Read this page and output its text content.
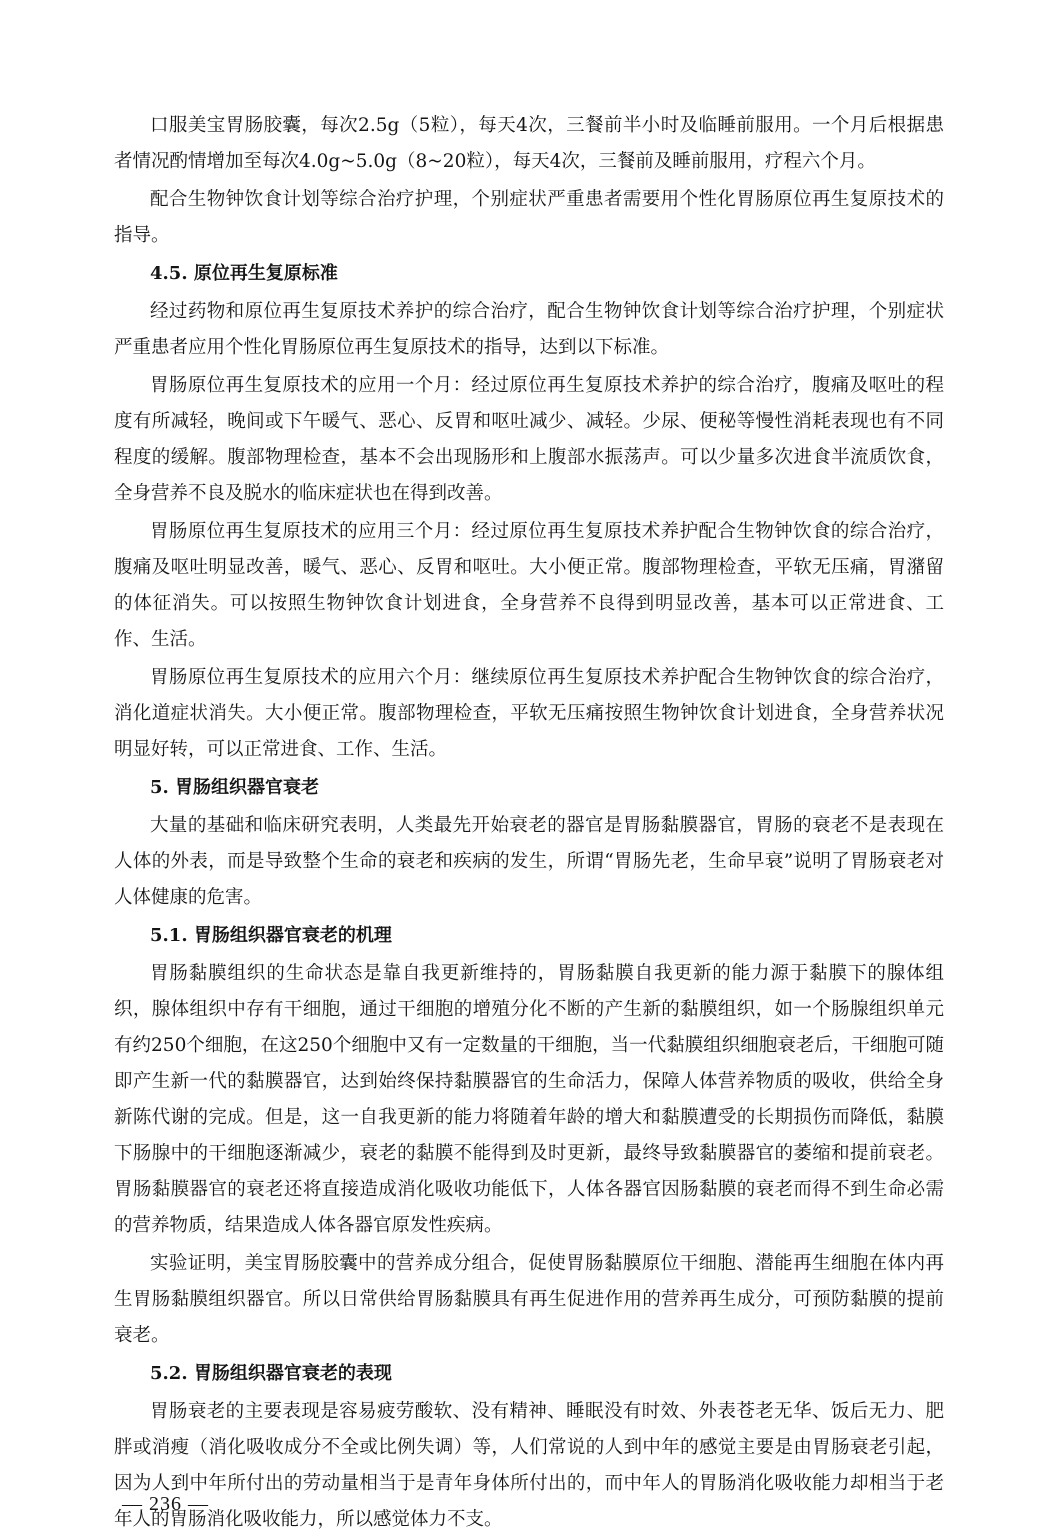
口服美宝胃肠胶囊，每次2.5g（5粒），每天4次，三餐前半小时及临睡前服用。一个月后根据患者情况酌情增加至每次4.0g~5.0g（8~20粒），每天4次，三餐前及睡前服用，疗程六个月。

配合生物钟饮食计划等综合治疗护理，个别症状严重患者需要用个性化胃肠原位再生复原技术的指导。

4.5. 原位再生复原标准

经过药物和原位再生复原技术养护的综合治疗，配合生物钟饮食计划等综合治疗护理，个别症状严重患者应用个性化胃肠原位再生复原技术的指导，达到以下标准。

胃肠原位再生复原技术的应用一个月：经过原位再生复原技术养护的综合治疗，腹痛及呕吐的程度有所减轻，晚间或下午暖气、恶心、反胃和呕吐减少、减轻。少尿、便秘等慢性消耗表现也有不同程度的缓解。腹部物理检查，基本不会出现肠形和上腹部水振荡声。可以少量多次进食半流质饮食，全身营养不良及脱水的临床症状也在得到改善。

胃肠原位再生复原技术的应用三个月：经过原位再生复原技术养护配合生物钟饮食的综合治疗，腹痛及呕吐明显改善，暖气、恶心、反胃和呕吐。大小便正常。腹部物理检查，平软无压痛，胃潴留的体征消失。可以按照生物钟饮食计划进食，全身营养不良得到明显改善，基本可以正常进食、工作、生活。

胃肠原位再生复原技术的应用六个月：继续原位再生复原技术养护配合生物钟饮食的综合治疗，消化道症状消失。大小便正常。腹部物理检查，平软无压痛按照生物钟饮食计划进食，全身营养状况明显好转，可以正常进食、工作、生活。

5. 胃肠组织器官衰老

大量的基础和临床研究表明，人类最先开始衰老的器官是胃肠黏膜器官，胃肠的衰老不是表现在人体的外表，而是导致整个生命的衰老和疾病的发生，所谓“胃肠先老，生命早衰”说明了胃肠衰老对人体健康的危害。

5.1. 胃肠组织器官衰老的机理

胃肠黏膜组织的生命状态是靠自我更新维持的，胃肠黏膜自我更新的能力源于黏膜下的腺体组织，腺体组织中存有干细胞，通过干细胞的增殖分化不断的产生新的黏膜组织，如一个肠腺组织单元有约250个细胞，在这250个细胞中又有一定数量的干细胞，当一代黏膜组织细胞衰老后，干细胞可随即产生新一代的黏膜器官，达到始终保持黏膜器官的生命活力，保障人体营养物质的吸收，供给全身新陈代谢的完成。但是，这一自我更新的能力将随着年龄的增大和黏膜遭受的长期损伤而降低，黏膜下肠腺中的干细胞逐渐减少，衰老的黏膜不能得到及时更新，最终导致黏膜器官的萎缩和提前衰老。胃肠黏膜器官的衰老还将直接造成消化吸收功能低下，人体各器官因肠黏膜的衰老而得不到生命必需的营养物质，结果造成人体各器官原发性疾病。

实验证明，美宝胃肠胶囊中的营养成分组合，促使胃肠黏膜原位干细胞、潜能再生细胞在体内再生胃肠黏膜组织器官。所以日常供给胃肠黏膜具有再生促进作用的营养再生成分，可预防黏膜的提前衰老。

5.2. 胃肠组织器官衰老的表现

胃肠衰老的主要表现是容易疲劳酸软、没有精神、睡眠没有时效、外表苍老无华、饭后无力、肥胖或消瘦（消化吸收成分不全或比例失调）等，人们常说的人到中年的感觉主要是由胃肠衰老引起，因为人到中年所付出的劳动量相当于是青年身体所付出的，而中年人的胃肠消化吸收能力却相当于老年人的胃肠消化吸收能力，所以感觉体力不支。

— 236 —
